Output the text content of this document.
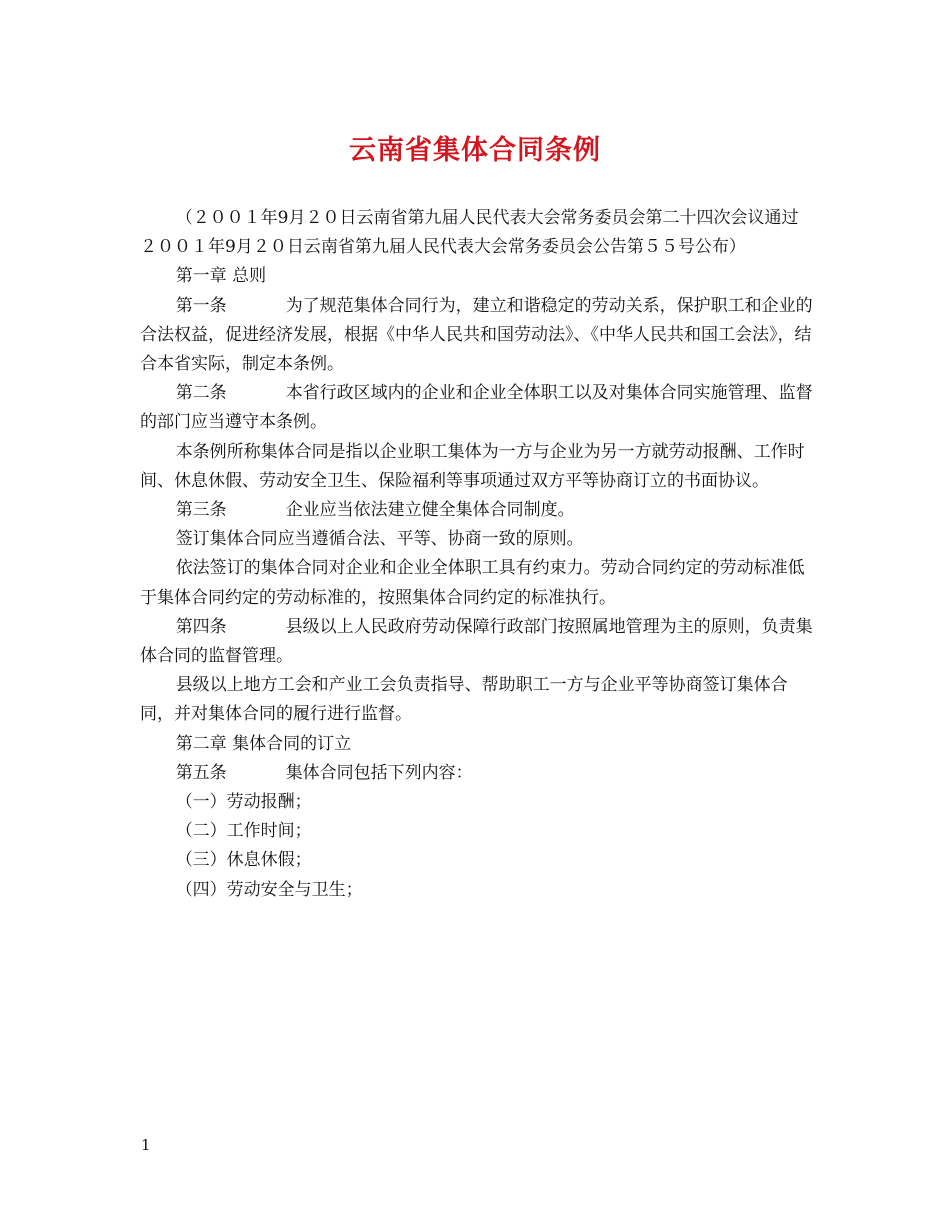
云南省集体合同条例

（２００１年9月２０日云南省第九届人民代表大会常务委员会第二十四次会议通过　２００１年9月２０日云南省第九届人民代表大会常务委员会公告第５５号公布）

第一章 总则

第一条	为了规范集体合同行为，建立和谐稳定的劳动关系，保护职工和企业的合法权益，促进经济发展，根据《中华人民共和国劳动法》、《中华人民共和国工会法》，结合本省实际，制定本条例。

第二条	本省行政区域内的企业和企业全体职工以及对集体合同实施管理、监督的部门应当遵守本条例。

本条例所称集体合同是指以企业职工集体为一方与企业为另一方就劳动报酬、工作时间、休息休假、劳动安全卫生、保险福利等事项通过双方平等协商订立的书面协议。

第三条	企业应当依法建立健全集体合同制度。

签订集体合同应当遵循合法、平等、协商一致的原则。

依法签订的集体合同对企业和企业全体职工具有约束力。劳动合同约定的劳动标准低于集体合同约定的劳动标准的，按照集体合同约定的标准执行。

第四条	县级以上人民政府劳动保障行政部门按照属地管理为主的原则，负责集体合同的监督管理。

县级以上地方工会和产业工会负责指导、帮助职工一方与企业平等协商签订集体合同，并对集体合同的履行进行监督。

第二章 集体合同的订立

第五条	集体合同包括下列内容：

（一）劳动报酬；

（二）工作时间；

（三）休息休假；

（四）劳动安全与卫生；

1
